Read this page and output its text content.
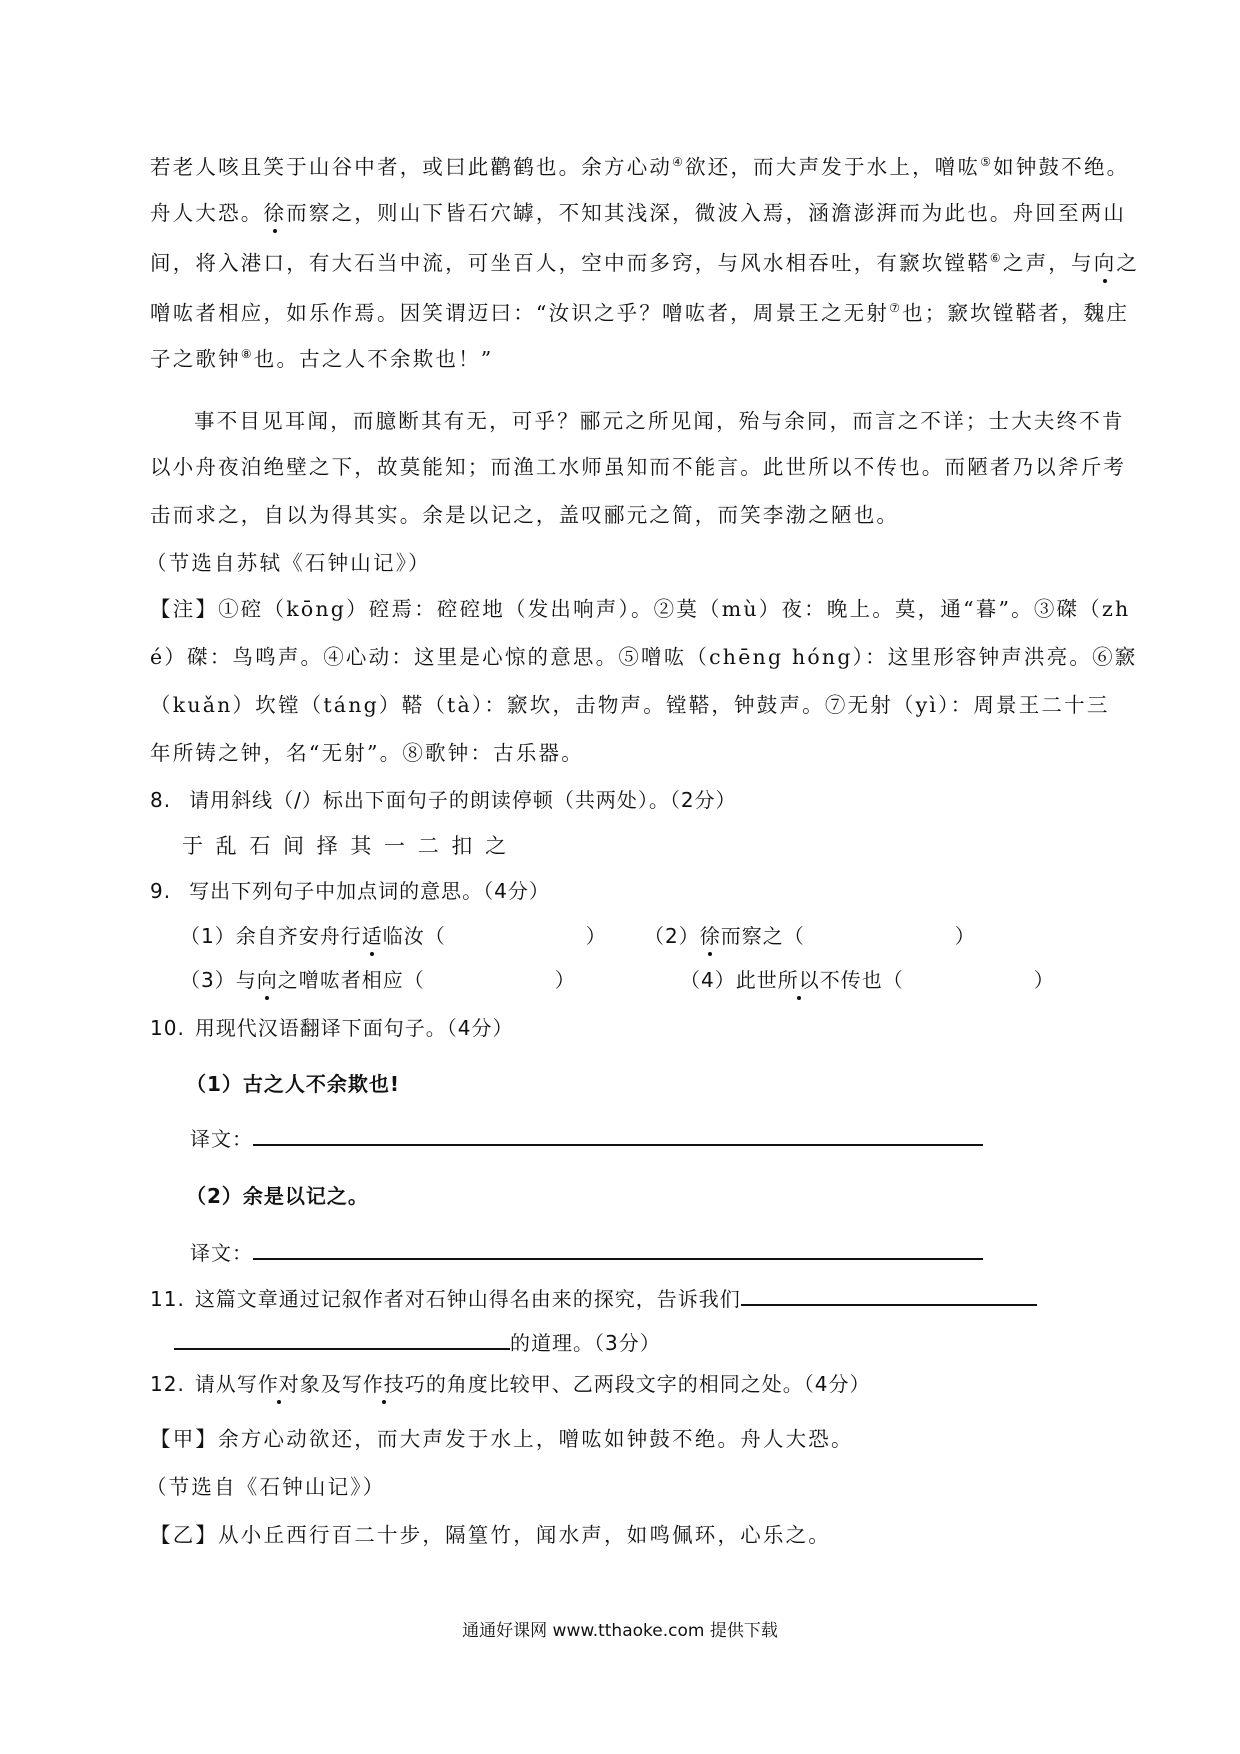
若老人咳且笑于山谷中者，或曰此鹳鹤也。余方心动④欲还，而大声发于水上，噌吰⑤如钟鼓不绝。
舟人大恐。徐而察之，则山下皆石穴罅，不知其浅深，微波入焉，涵澹澎湃而为此也。舟回至两山
间，将入港口，有大石当中流，可坐百人，空中而多窍，与风水相吞吐，有窾坎镗鞳⑥之声，与向之
噌吰者相应，如乐作焉。因笑谓迈曰：“汝识之乎？噌吰者，周景王之无射⑦也；窾坎镗鞳者，魏庄
子之歌钟⑧也。古之人不余欺也！”
事不目见耳闻，而臆断其有无，可乎？郦元之所见闻，殆与余同，而言之不详；士大夫终不肯
以小舟夜泊绝壁之下，故莫能知；而渔工水师虽知而不能言。此世所以不传也。而陋者乃以斧斤考
击而求之，自以为得其实。余是以记之，盖叹郦元之简，而笑李渤之陋也。
（节选自苏轼《石钟山记》）
【注】①硿（kōng）硿焉：硿硿地（发出响声）。②莫（mù）夜：晚上。莫，通“暮”。③磔（zh
é）磔：鸟鸣声。④心动：这里是心惊的意思。⑤噌吰（chēng hóng）：这里形容钟声洪亮。⑥窾
（kuǎn）坎镗（táng）鞳（tà）：窾坎，击物声。镗鞳，钟鼓声。⑦无射（yì）：周景王二十三
年所铸之钟，名“无射”。⑧歌钟：古乐器。
8. 请用斜线（/）标出下面句子的朗读停顿（共两处）。（2分）
于 乱 石 间 择 其 一 二 扣 之
9. 写出下列句子中加点词的意思。（4分）
（1）余自齐安舟行适临汝（	） （2）徐而察之（	）
（3）与向之噌吰者相应（	）	（4）此世所以不传也（	）
10. 用现代汉语翻译下面句子。（4分）
（1）古之人不余欺也!
译文：
（2）余是以记之。
译文：
11. 这篇文章通过记叙作者对石钟山得名由来的探究，告诉我们
的道理。（3分）
12. 请从写作对象及写作技巧的角度比较甲、乙两段文字的相同之处。（4分）
【甲】余方心动欲还，而大声发于水上，噌吰如钟鼓不绝。舟人大恐。
（节选自《石钟山记》）
【乙】从小丘西行百二十步，隔篁竹，闻水声，如鸣佩环，心乐之。
通通好课网 www.tthaoke.com 提供下载
